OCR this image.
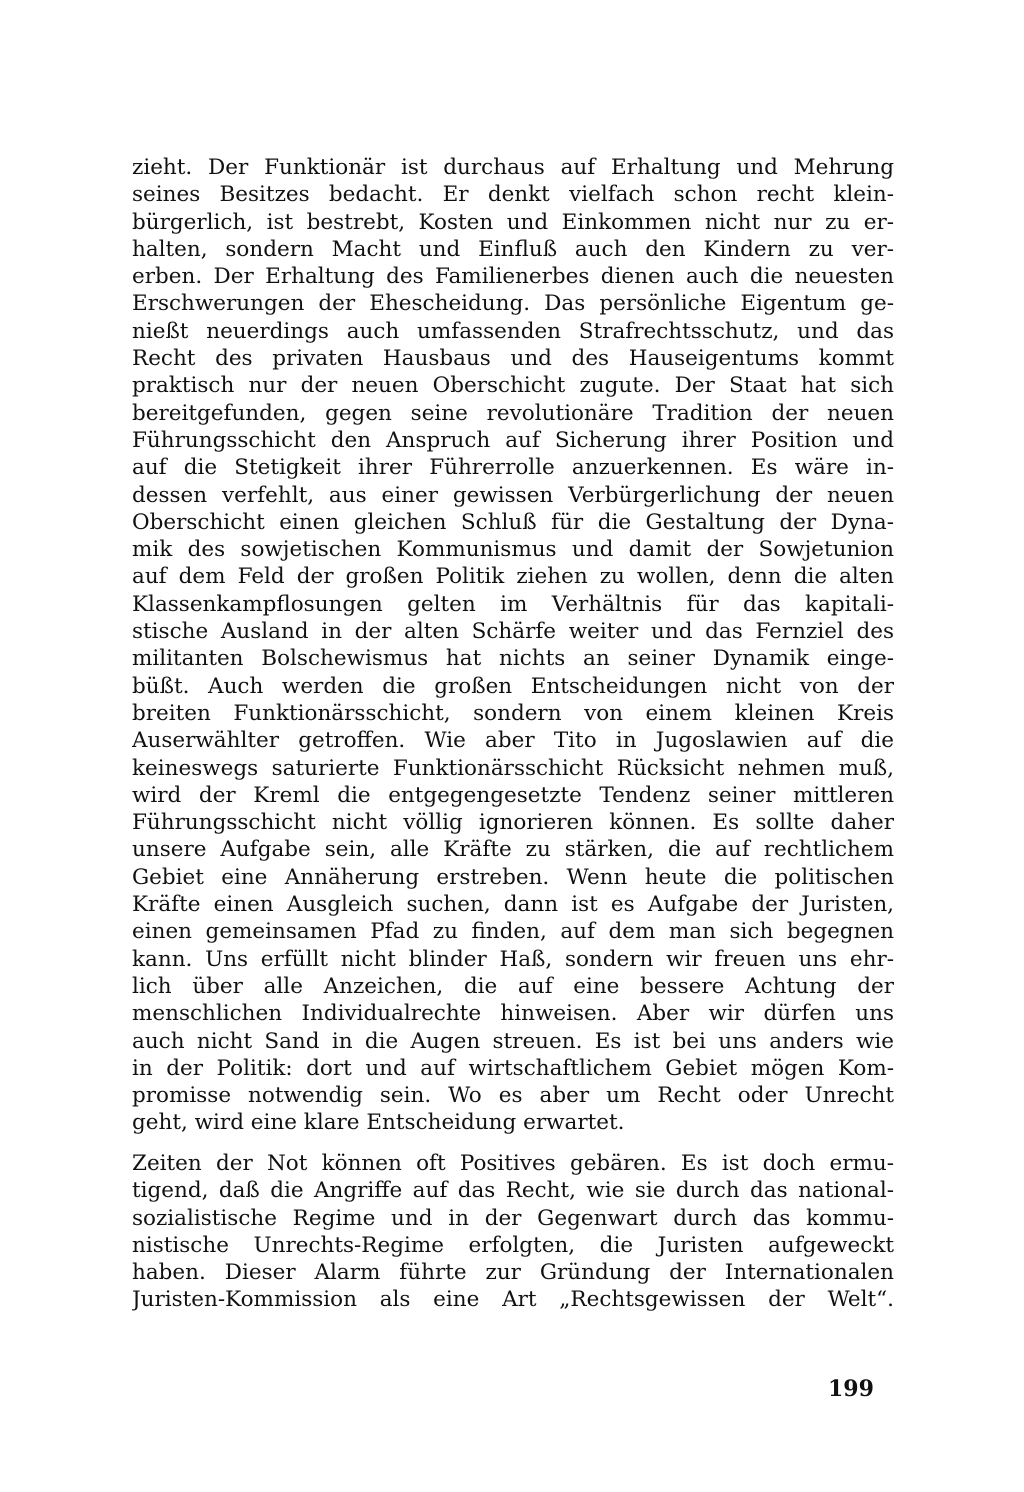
zieht. Der Funktionär ist durchaus auf Erhaltung und Mehrung
seines Besitzes bedacht. Er denkt vielfach schon recht klein-
bürgerlich, ist bestrebt, Kosten und Einkommen nicht nur zu er-
halten, sondern Macht und Einfluß auch den Kindern zu ver-
erben. Der Erhaltung des Familienerbes dienen auch die neuesten
Erschwerungen der Ehescheidung. Das persönliche Eigentum ge-
nießt neuerdings auch umfassenden Strafrechtsschutz, und das
Recht des privaten Hausbaus und des Hauseigentums kommt
praktisch nur der neuen Oberschicht zugute. Der Staat hat sich
bereitgefunden, gegen seine revolutionäre Tradition der neuen
Führungsschicht den Anspruch auf Sicherung ihrer Position und
auf die Stetigkeit ihrer Führerrolle anzuerkennen. Es wäre in-
dessen verfehlt, aus einer gewissen Verbürgerlichung der neuen
Oberschicht einen gleichen Schluß für die Gestaltung der Dyna-
mik des sowjetischen Kommunismus und damit der Sowjetunion
auf dem Feld der großen Politik ziehen zu wollen, denn die alten
Klassenkampflosungen gelten im Verhältnis für das kapitali-
stische Ausland in der alten Schärfe weiter und das Fernziel des
militanten Bolschewismus hat nichts an seiner Dynamik einge-
büßt. Auch werden die großen Entscheidungen nicht von der
breiten Funktionärsschicht, sondern von einem kleinen Kreis
Auserwählter getroffen. Wie aber Tito in Jugoslawien auf die
keineswegs saturierte Funktionärsschicht Rücksicht nehmen muß,
wird der Kreml die entgegengesetzte Tendenz seiner mittleren
Führungsschicht nicht völlig ignorieren können. Es sollte daher
unsere Aufgabe sein, alle Kräfte zu stärken, die auf rechtlichem
Gebiet eine Annäherung erstreben. Wenn heute die politischen
Kräfte einen Ausgleich suchen, dann ist es Aufgabe der Juristen,
einen gemeinsamen Pfad zu finden, auf dem man sich begegnen
kann. Uns erfüllt nicht blinder Haß, sondern wir freuen uns ehr-
lich über alle Anzeichen, die auf eine bessere Achtung der
menschlichen Individualrechte hinweisen. Aber wir dürfen uns
auch nicht Sand in die Augen streuen. Es ist bei uns anders wie
in der Politik: dort und auf wirtschaftlichem Gebiet mögen Kom-
promisse notwendig sein. Wo es aber um Recht oder Unrecht
geht, wird eine klare Entscheidung erwartet.
Zeiten der Not können oft Positives gebären. Es ist doch ermu-
tigend, daß die Angriffe auf das Recht, wie sie durch das national-
sozialistische Regime und in der Gegenwart durch das kommu-
nistische Unrechts-Regime erfolgten, die Juristen aufgeweckt
haben. Dieser Alarm führte zur Gründung der Internationalen
Juristen-Kommission als eine Art „Rechtsgewissen der Welt“.
199
